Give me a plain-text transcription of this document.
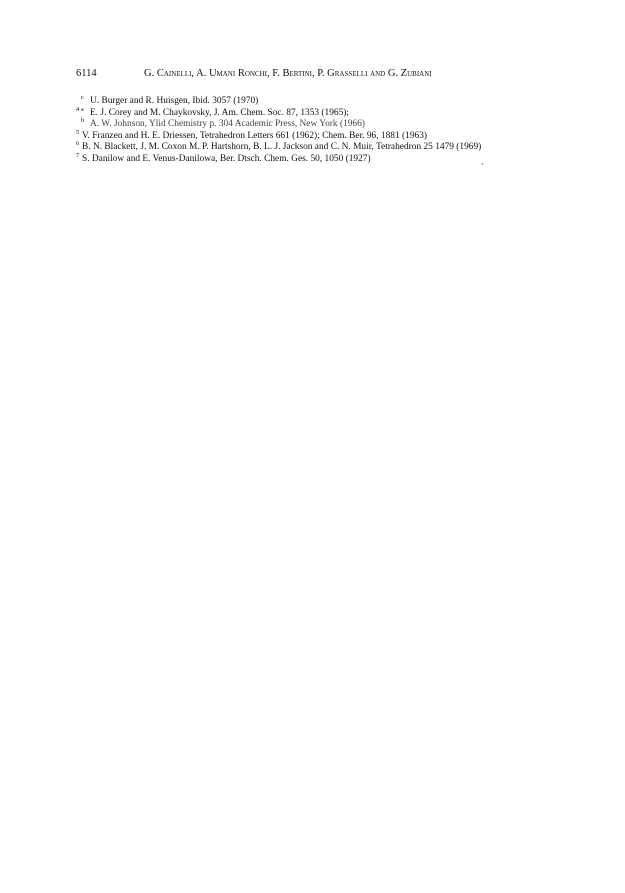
6114	G. Cainelli, A. Umani Ronchi, F. Bertini, P. Grasselli and G. Zubiani
c U. Burger and R. Huisgen, Ibid. 3057 (1970)
4 a E. J. Corey and M. Chaykovsky, J. Am. Chem. Soc. 87, 1353 (1965);
b A. W. Johnson, Ylid Chemistry p. 304 Academic Press, New York (1966)
5 V. Franzen and H. E. Driessen, Tetrahedron Letters 661 (1962); Chem. Ber. 96, 1881 (1963)
6 B. N. Blackett, J. M. Coxon M. P. Hartshorn, B. L. J. Jackson and C. N. Muir, Tetrahedron 25 1479 (1969)
7 S. Danilow and E. Venus-Danilowa, Ber. Dtsch. Chem. Ges. 50, 1050 (1927)
ʼ
